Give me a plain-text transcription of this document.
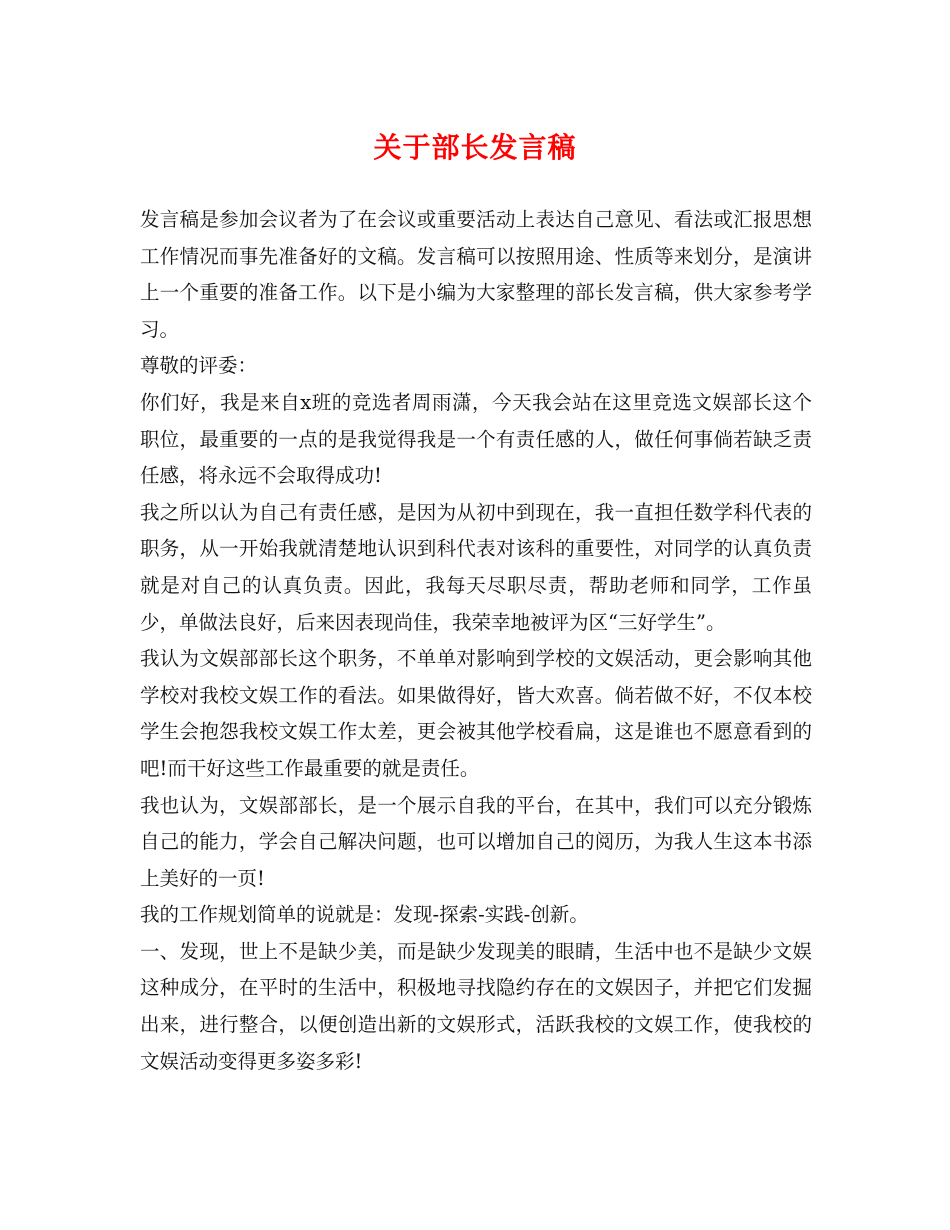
关于部长发言稿

发言稿是参加会议者为了在会议或重要活动上表达自己意见、看法或汇报思想工作情况而事先准备好的文稿。发言稿可以按照用途、性质等来划分，是演讲上一个重要的准备工作。以下是小编为大家整理的部长发言稿，供大家参考学习。

尊敬的评委：

你们好，我是来自x班的竞选者周雨潇，今天我会站在这里竞选文娱部长这个职位，最重要的一点的是我觉得我是一个有责任感的人，做任何事倘若缺乏责任感，将永远不会取得成功!

我之所以认为自己有责任感，是因为从初中到现在，我一直担任数学科代表的职务，从一开始我就清楚地认识到科代表对该科的重要性，对同学的认真负责就是对自己的认真负责。因此，我每天尽职尽责，帮助老师和同学，工作虽少，单做法良好，后来因表现尚佳，我荣幸地被评为区“三好学生”。

我认为文娱部部长这个职务，不单单对影响到学校的文娱活动，更会影响其他学校对我校文娱工作的看法。如果做得好，皆大欢喜。倘若做不好，不仅本校学生会抱怨我校文娱工作太差，更会被其他学校看扁，这是谁也不愿意看到的吧!而干好这些工作最重要的就是责任。

我也认为，文娱部部长，是一个展示自我的平台，在其中，我们可以充分锻炼自己的能力，学会自己解决问题，也可以增加自己的阅历，为我人生这本书添上美好的一页!

我的工作规划简单的说就是：发现-探索-实践-创新。

一、发现，世上不是缺少美，而是缺少发现美的眼睛，生活中也不是缺少文娱这种成分，在平时的生活中，积极地寻找隐约存在的文娱因子，并把它们发掘出来，进行整合，以便创造出新的文娱形式，活跃我校的文娱工作，使我校的文娱活动变得更多姿多彩!
